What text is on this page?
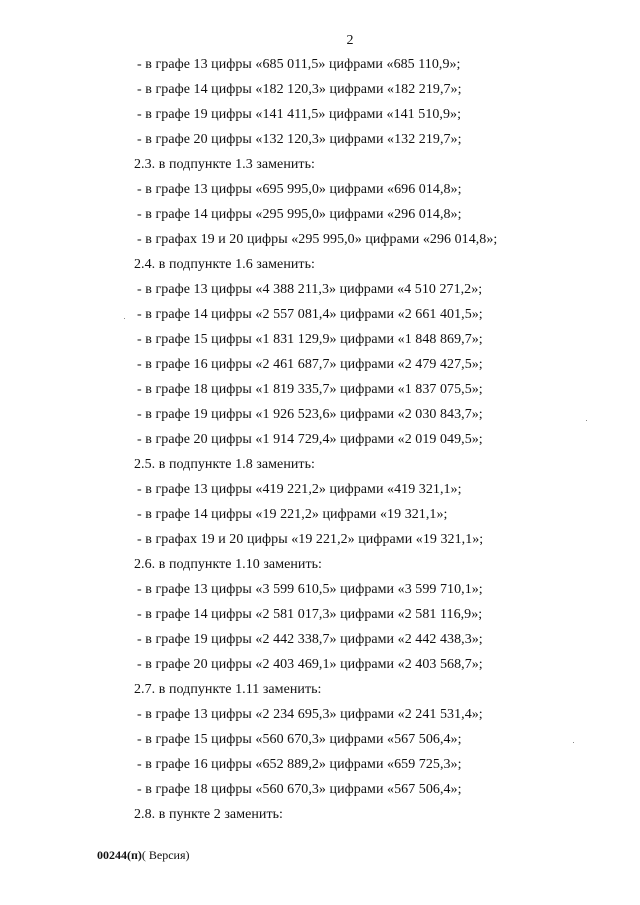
2
- в графе 13 цифры «685 011,5» цифрами «685 110,9»;
- в графе 14 цифры «182 120,3» цифрами «182 219,7»;
- в графе 19 цифры «141 411,5» цифрами «141 510,9»;
- в графе 20 цифры «132 120,3» цифрами «132 219,7»;
2.3. в подпункте 1.3 заменить:
- в графе 13 цифры «695 995,0» цифрами «696 014,8»;
- в графе 14 цифры «295 995,0» цифрами «296 014,8»;
- в графах 19 и 20 цифры «295 995,0» цифрами «296 014,8»;
2.4. в подпункте 1.6 заменить:
- в графе 13 цифры «4 388 211,3» цифрами «4 510 271,2»;
- в графе 14 цифры «2 557 081,4» цифрами «2 661 401,5»;
- в графе 15 цифры «1 831 129,9» цифрами «1 848 869,7»;
- в графе 16 цифры «2 461 687,7» цифрами «2 479 427,5»;
- в графе 18 цифры «1 819 335,7» цифрами «1 837 075,5»;
- в графе 19 цифры «1 926 523,6» цифрами «2 030 843,7»;
- в графе 20 цифры «1 914 729,4» цифрами «2 019 049,5»;
2.5. в подпункте 1.8 заменить:
- в графе 13 цифры «419 221,2» цифрами «419 321,1»;
- в графе 14 цифры «19 221,2» цифрами «19 321,1»;
- в графах 19 и 20 цифры «19 221,2» цифрами «19 321,1»;
2.6. в подпункте 1.10 заменить:
- в графе 13 цифры «3 599 610,5» цифрами «3 599 710,1»;
- в графе 14 цифры «2 581 017,3» цифрами «2 581 116,9»;
- в графе 19 цифры «2 442 338,7» цифрами «2 442 438,3»;
- в графе 20 цифры «2 403 469,1» цифрами «2 403 568,7»;
2.7. в подпункте 1.11 заменить:
- в графе 13 цифры «2 234 695,3» цифрами «2 241 531,4»;
- в графе 15 цифры «560 670,3» цифрами «567 506,4»;
- в графе 16 цифры «652 889,2» цифрами «659 725,3»;
- в графе 18 цифры «560 670,3» цифрами «567 506,4»;
2.8. в пункте 2 заменить:
00244(п)( Версия)
